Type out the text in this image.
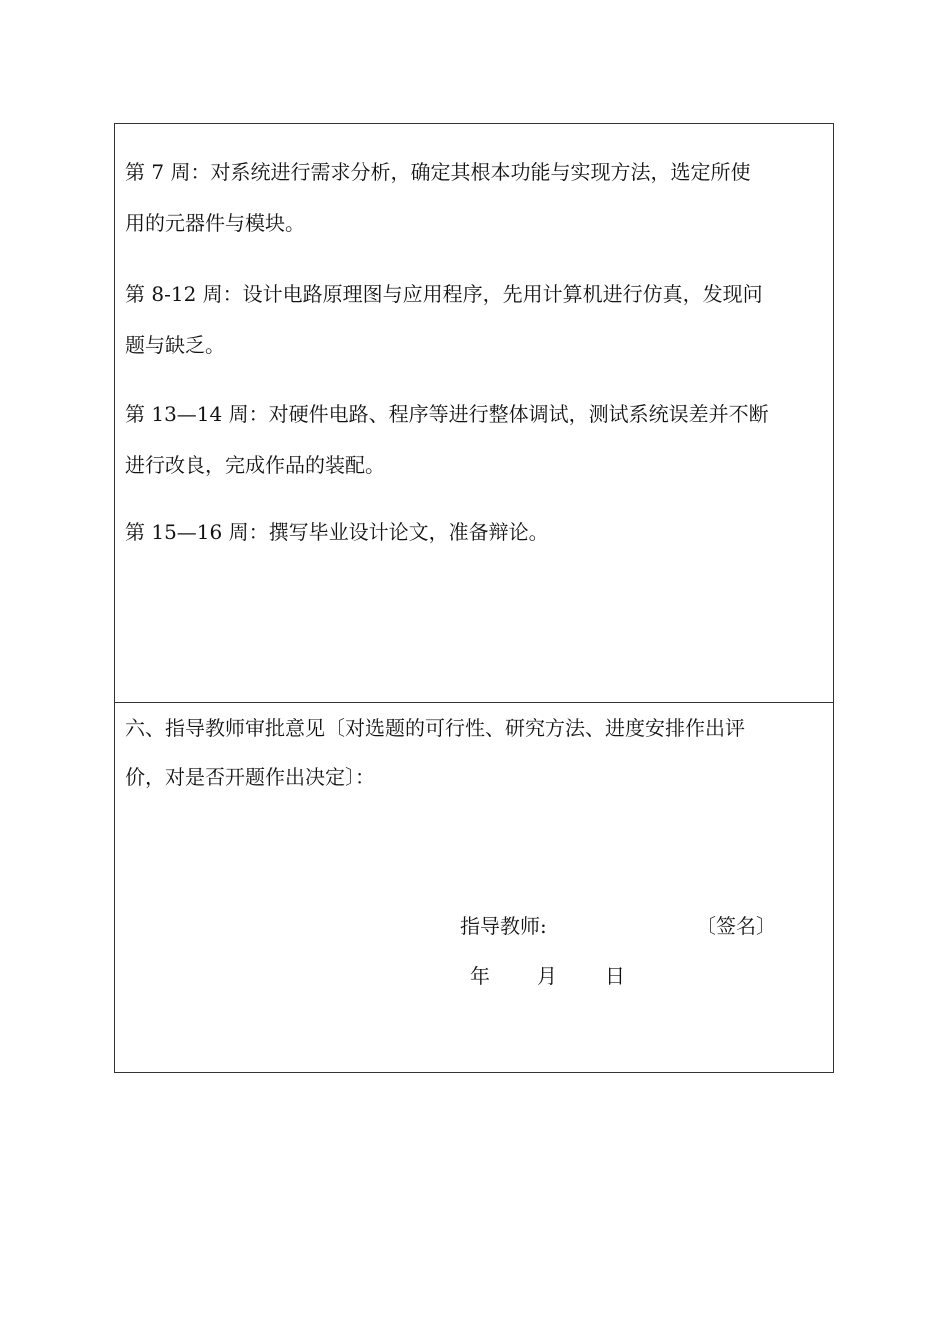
第 7 周：对系统进行需求分析，确定其根本功能与实现方法，选定所使
用的元器件与模块。

第 8-12 周：设计电路原理图与应用程序，先用计算机进行仿真，发现问
题与缺乏。

第 13—14 周：对硬件电路、程序等进行整体调试，测试系统误差并不断
进行改良，完成作品的装配。

第 15—16 周：撰写毕业设计论文，准备辩论。

六、指导教师审批意见〔对选题的可行性、研究方法、进度安排作出评
价，对是否开题作出决定〕：

指导教师:	〔签名〕
年 月 日
